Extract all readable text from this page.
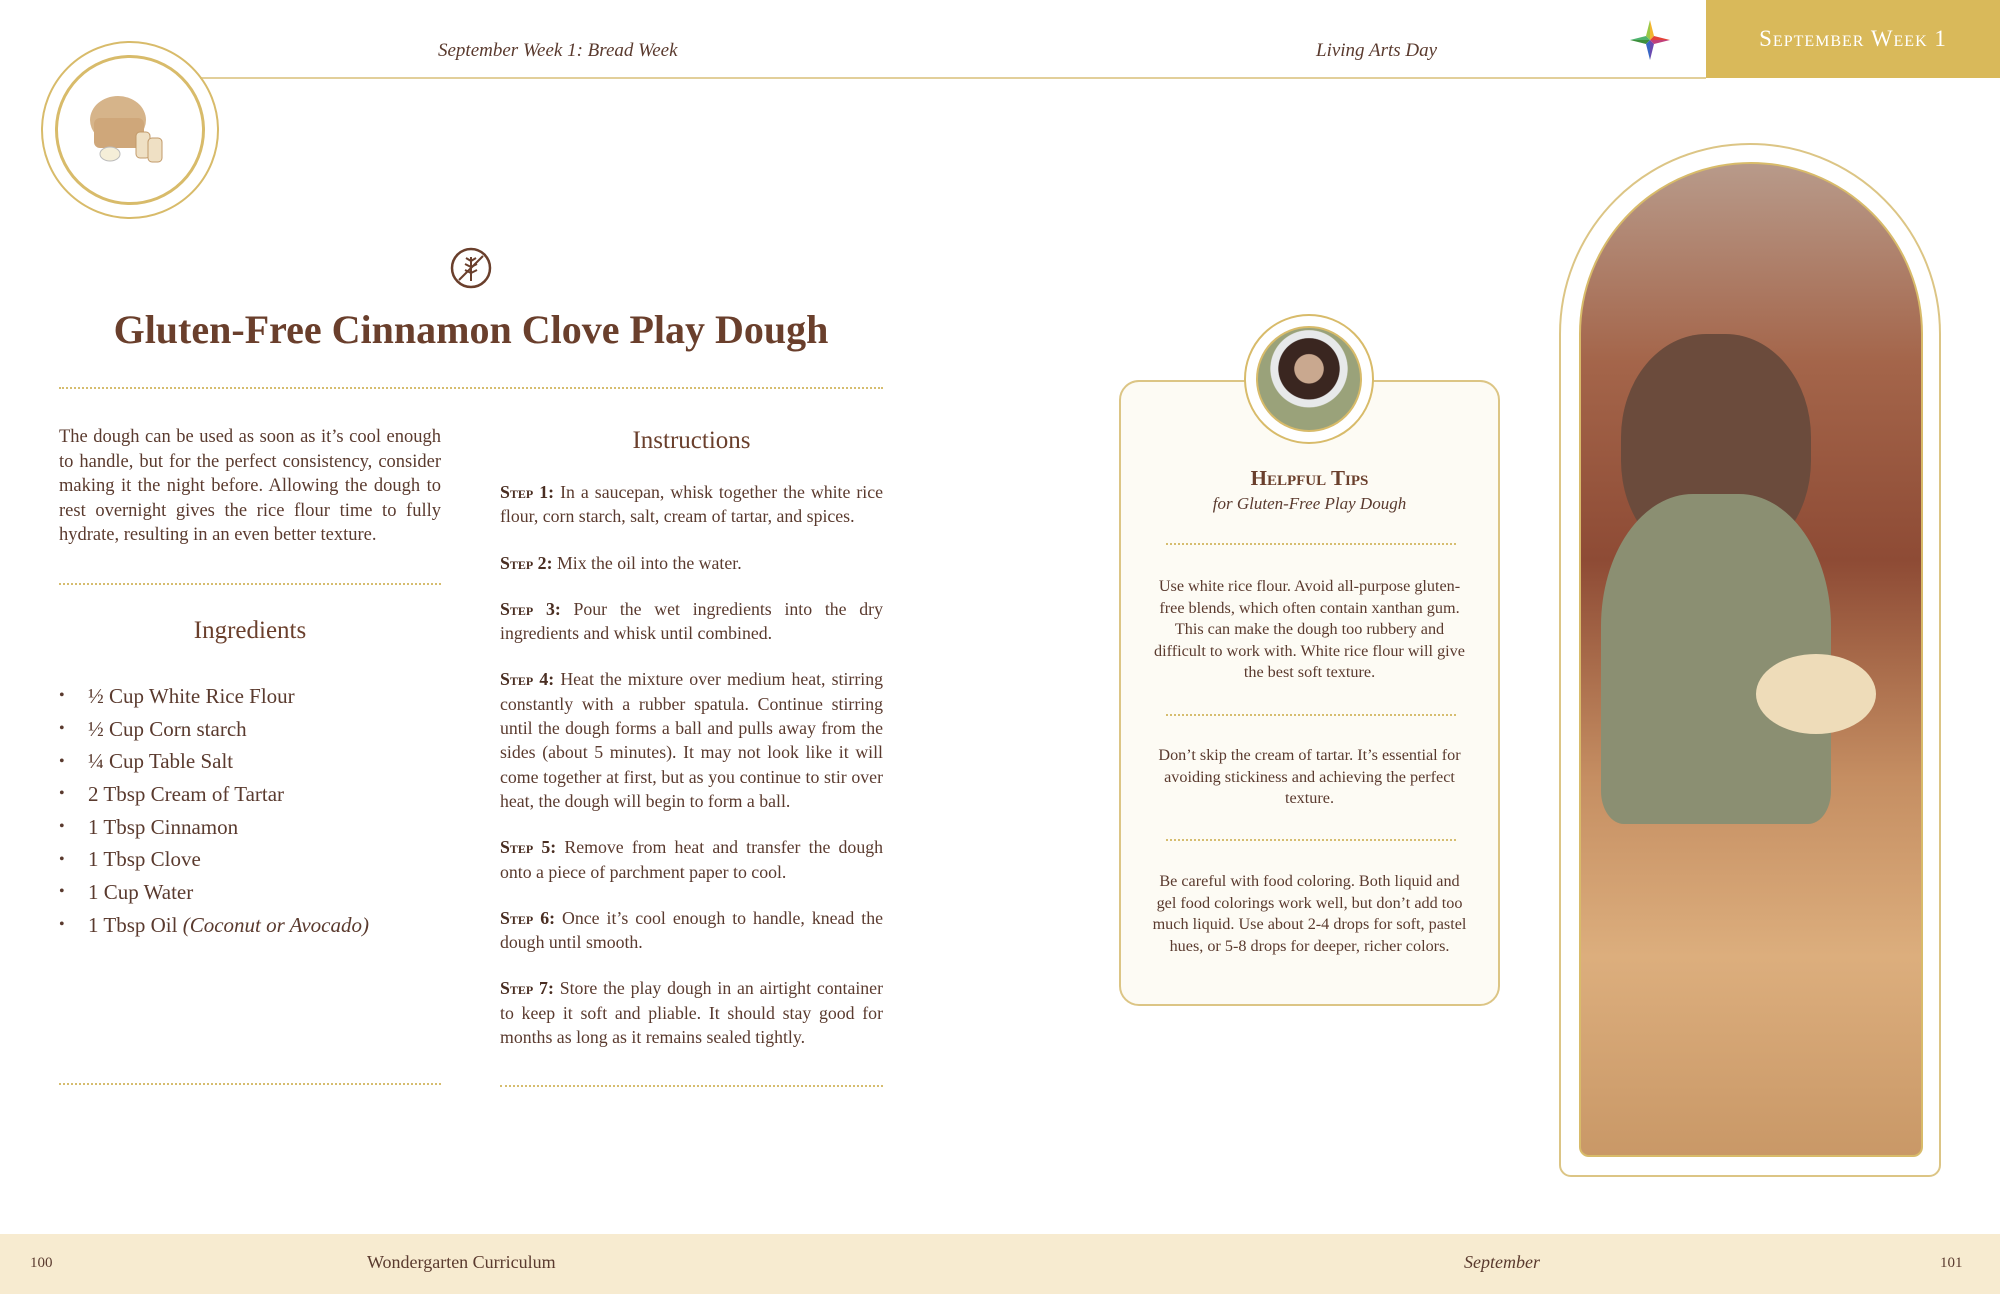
September Week 1: Bread Week	Living Arts Day	September Week 1
Gluten-Free Cinnamon Clove Play Dough
The dough can be used as soon as it’s cool enough to handle, but for the perfect consistency, consider making it the night before. Allowing the dough to rest overnight gives the rice flour time to fully hydrate, resulting in an even better texture.
Ingredients
•	½ Cup White Rice Flour
•	½ Cup Corn starch
•	¼ Cup Table Salt
•	2 Tbsp Cream of Tartar
•	1 Tbsp Cinnamon
•	1 Tbsp Clove
•	1 Cup Water
•	1 Tbsp Oil
(Coconut or Avocado)
Instructions

Step 1: In a saucepan, whisk together the white rice flour, corn starch, salt, cream of tartar, and spices.

Step 2: Mix the oil into the water.

Step 3: Pour the wet ingredients into the dry ingredients and whisk until combined.

Step 4: Heat the mixture over medium heat, stirring constantly with a rubber spatula. Continue stirring until the dough forms a ball and pulls away from the sides (about 5 minutes). It may not look like it will come together at first, but as you continue to stir over heat, the dough will begin to form a ball.

Step 5: Remove from heat and transfer the dough onto a piece of parchment paper to cool.

Step 6: Once it’s cool enough to handle, knead the dough until smooth.

Step 7: Store the play dough in an airtight container to keep it soft and pliable. It should stay good for months as long as it remains sealed tightly.

Helpful Tips
for Gluten-Free Play Dough
Use white rice flour. Avoid all-purpose gluten-free blends, which often contain xanthan gum. This can make the dough too rubbery and difficult to work with. White rice flour will give the best soft texture.
Don’t skip the cream of tartar. It’s essential for avoiding stickiness and achieving the perfect texture.
Be careful with food coloring. Both liquid and gel food colorings work well, but don’t add too much liquid. Use about 2-4 drops for soft, pastel hues, or 5-8 drops for deeper, richer colors.
100	Wondergarten Curriculum	September	101
